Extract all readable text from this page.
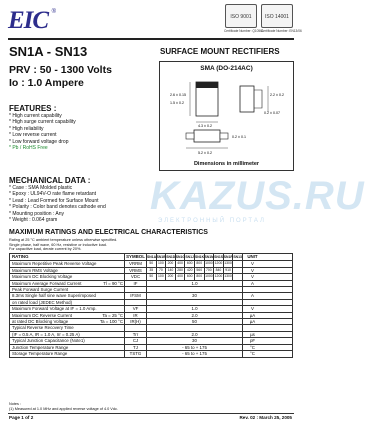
EIC ®
ISO 9001
Certificate Number: Q10561
ISO 14001
Certificate Number: EN13/06
SN1A - SN13
PRV : 50 - 1300 Volts
Io : 1.0 Ampere
SURFACE MOUNT RECTIFIERS
SMA (DO-214AC)
2.6 ± 0.15
1.5 ± 0.2
4.3 ± 0.2
2.2 ± 0.2
0.2 ± 0.07
5.2 ± 0.2
0.2 ± 0.1
Dimensions in millimeter
FEATURES :
* High current capability
* High surge current capability
* High reliability
* Low reverse current
* Low forward voltage drop
* Pb / RoHS Free
MECHANICAL DATA :
* Case : SMA Molded plastic
* Epoxy : UL94V-O rate flame retardant
* Lead : Lead Formed for Surface Mount
* Polarity : Color band denotes cathode end
* Mounting position : Any
* Weight : 0.064 gram
KAZUS.RU
ЭЛЕКТРОННЫЙ ПОРТАЛ
MAXIMUM RATINGS AND ELECTRICAL CHARACTERISTICS
Rating at 25 °C ambient temperature unless otherwise specified.
Single phase, half wave, 60 Hz, resistive or inductive load.
For capacitive load, derate current by 20%.
RATING	SYMBOL SN1A SN1B SN1D SN1G SN1J SN1K SN1M SN1S SN1R SN13	UNIT
Maximum Repetitive Peak Reverse Voltage	VRRM	50	100	200	400	600	800 1000 1200 1300	V
Maximum RMS Voltage	VRMS	35	70	140	280	420	560	700	840	910	V
Maximum DC Blocking Voltage	VDC	50	100	200	400	600	800 1000 1200 1300	V
Maximum Average Forward Current	Tl = 90 °C	IF	1.0	A
Peak Forward Surge Current
8.3ms Single half sine wave Superimposed	IFSM	30	A
on rated load (JEDEC Method)
Maximum Forward Voltage at IF = 1.0 Amp.	VF	1.0	V
Maximum DC Reverse Current	Ta = 25 °C	IR	2.0	µA
at rated DC Blocking Voltage	Ta = 100 °C	IR(H)	50	µA
Typical Reverse Recovery Time
(IF = 0.5 A, IR = 1.0 A, Irr = 0.25 A)	Trr	2.0	µs
Typical Junction Capacitance (Note1)	CJ	30	pF
Junction Temperature Range	TJ	- 65 to + 175	°C
Storage Temperature Range	TSTG	- 65 to + 175	°C
Notes :
(1) Measured at 1.0 MHz and applied reverse voltage of 4.0 Vdc.
Page 1 of 2	Rev. 02 : March 25, 2005
